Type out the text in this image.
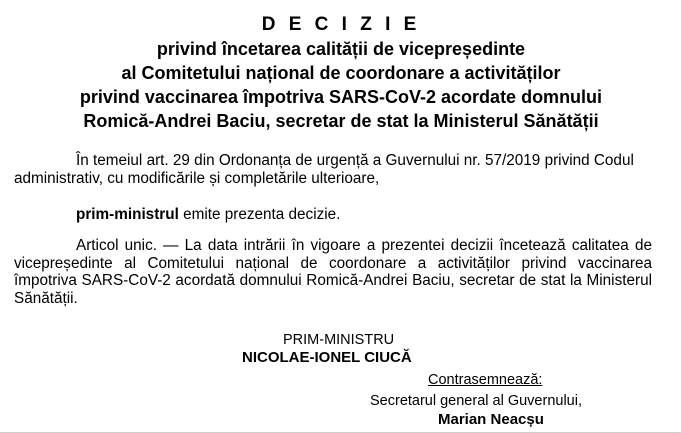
D E C I Z I E

privind încetarea calității de vicepreședinte

al Comitetului național de coordonare a activităților

privind vaccinarea împotriva SARS-CoV-2 acordate domnului

Romică-Andrei Baciu, secretar de stat la Ministerul Sănătății

În temeiul art. 29 din Ordonanța de urgență a Guvernului nr. 57/2019 privind Codul administrativ, cu modificările și completările ulterioare,

prim-ministrul emite prezenta decizie.

Articol unic. — La data intrării în vigoare a prezentei decizii încetează calitatea de vicepreședinte al Comitetului național de coordonare a activităților privind vaccinarea împotriva SARS-CoV-2 acordată domnului Romică-Andrei Baciu, secretar de stat la Ministerul Sănătății.

PRIM-MINISTRU
NICOLAE-IONEL CIUCĂ
Contrasemnează:
Secretarul general al Guvernului,
Marian Neacșu
